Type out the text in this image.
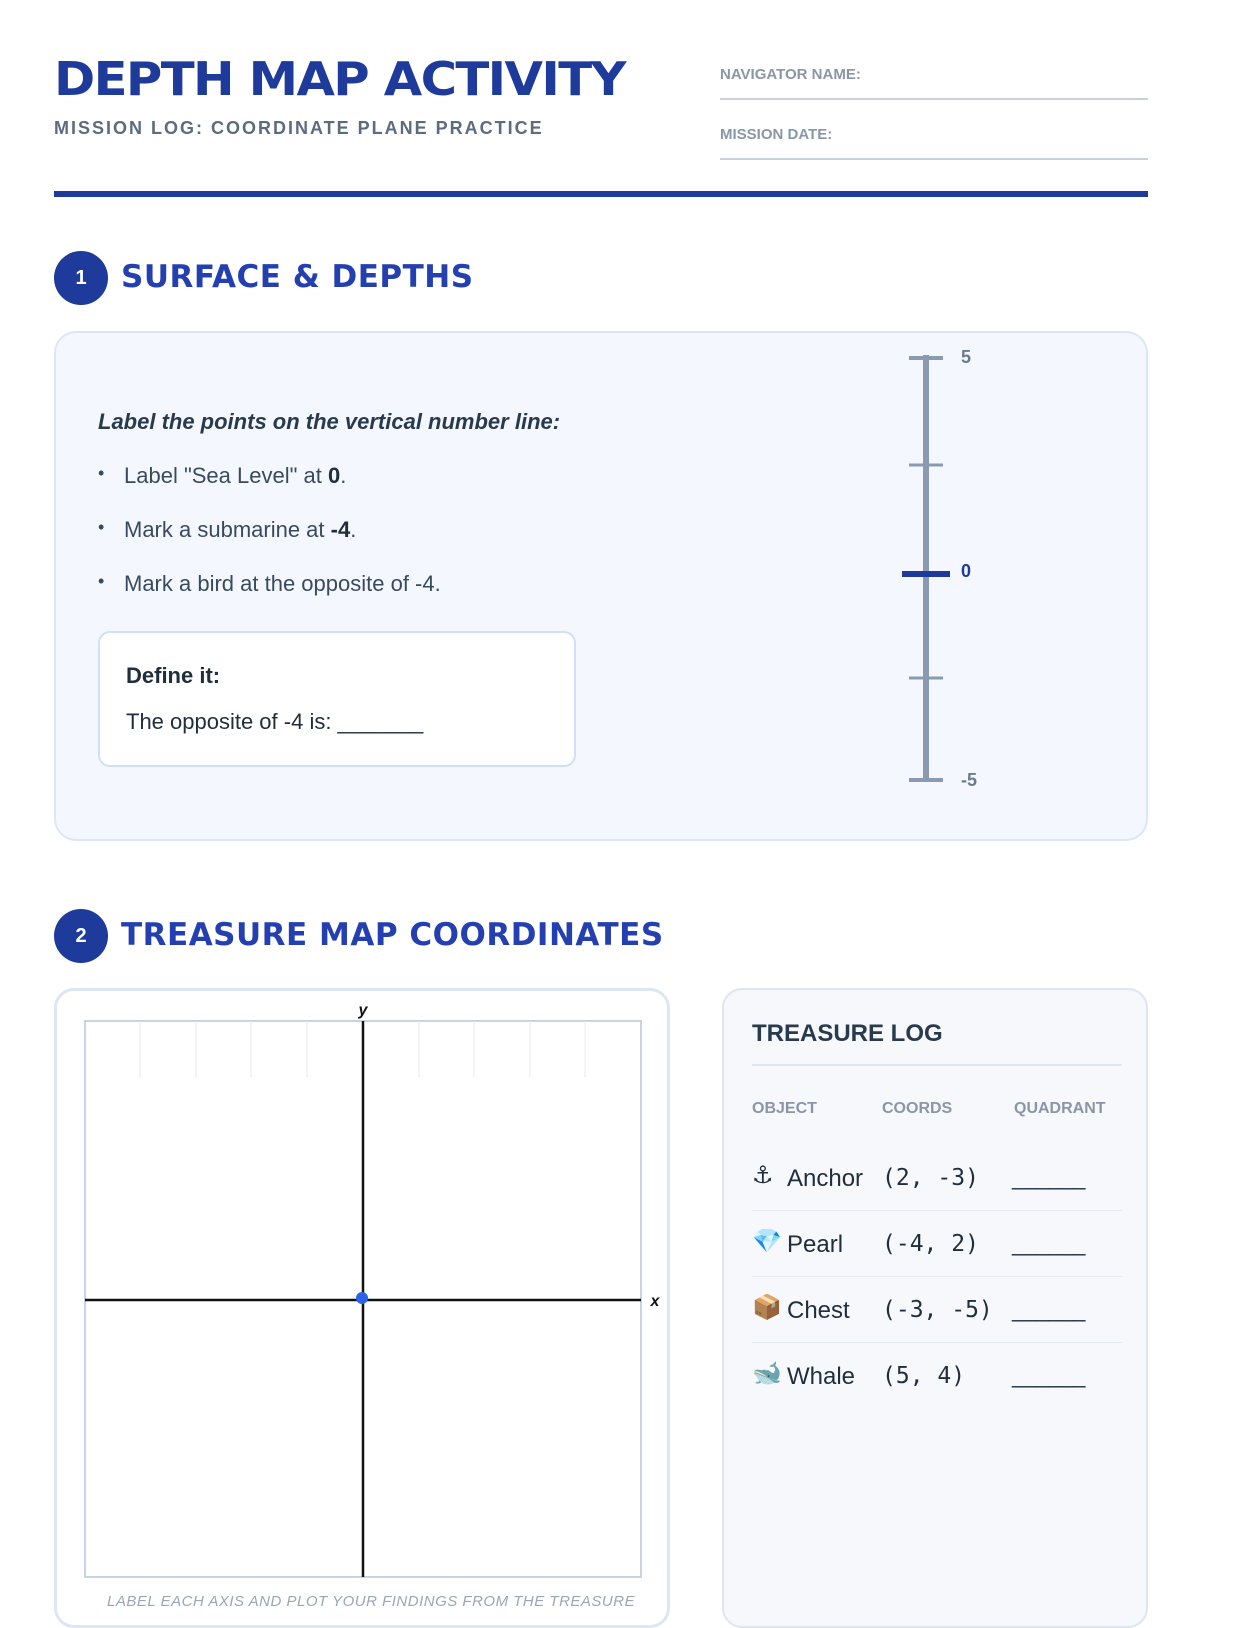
DEPTH MAP ACTIVITY
MISSION LOG: COORDINATE PLANE PRACTICE
NAVIGATOR NAME:
MISSION DATE:
1	SURFACE & DEPTHS
Label the points on the vertical number line:
• Label "Sea Level" at 0.
• Mark a submarine at -4.
• Mark a bird at the opposite of -4.
Define it:
The opposite of -4 is: _______
5
0
-5
2	TREASURE MAP COORDINATES
y
x
LABEL EACH AXIS AND PLOT YOUR FINDINGS FROM THE TREASURE
TREASURE LOG
OBJECT	COORDS	QUADRANT
⚓ Anchor (2, -3) ______
💎 Pearl (-4, 2) ______
📦 Chest (-3, -5) ______
🐋 Whale (5, 4) ______
